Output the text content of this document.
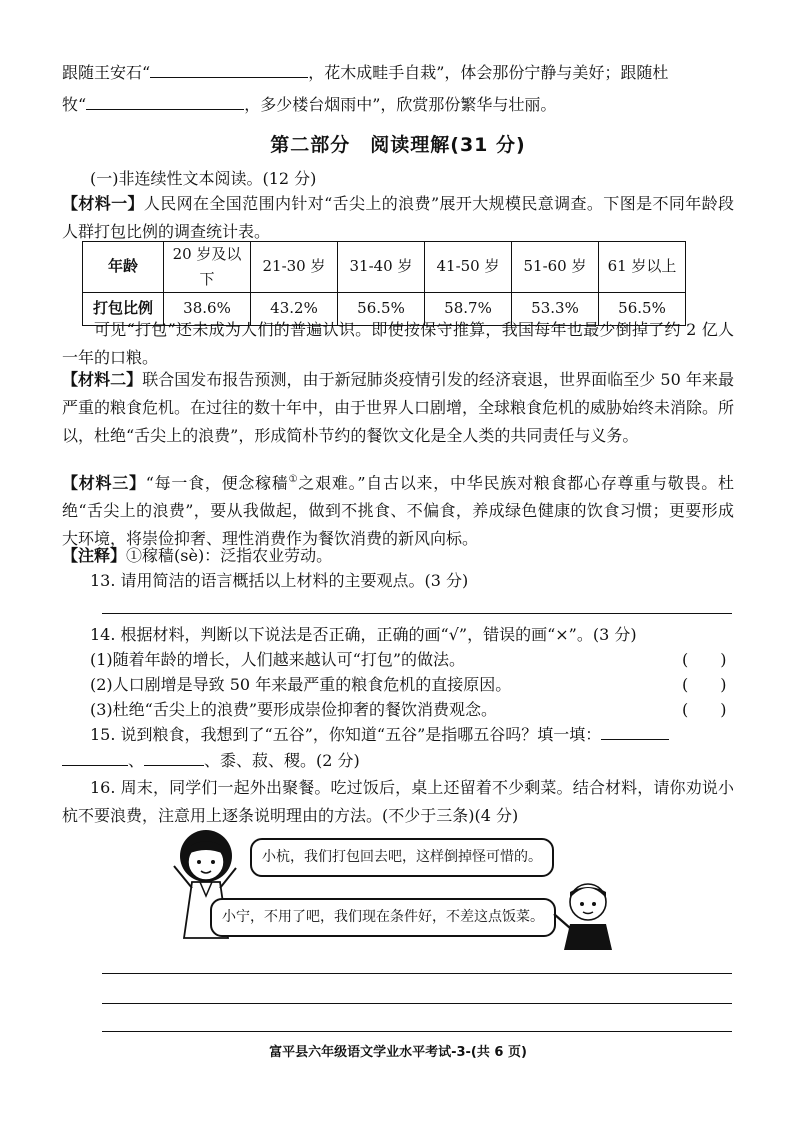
跟随王安石“	，花木成畦手自栽”，体会那份宁静与美好；跟随杜
牧“	，多少楼台烟雨中”，欣赏那份繁华与壮丽。
第二部分　阅读理解(31 分)
(一)非连续性文本阅读。(12 分)
【材料一】人民网在全国范围内针对“舌尖上的浪费”展开大规模民意调查。下图是不同年龄段人群打包比例的调查统计表。
年龄	20 岁及以下	21-30 岁	31-40 岁	41-50 岁	51-60 岁	61 岁以上
打包比例	38.6%	43.2%	56.5%	58.7%	53.3%	56.5%
可见“打包”还未成为人们的普遍认识。即使按保守推算，我国每年也最少倒掉了约 2 亿人一年的口粮。
【材料二】联合国发布报告预测，由于新冠肺炎疫情引发的经济衰退，世界面临至少 50 年来最严重的粮食危机。在过往的数十年中，由于世界人口剧增，全球粮食危机的威胁始终未消除。所以，杜绝“舌尖上的浪费”，形成简朴节约的餐饮文化是全人类的共同责任与义务。
【材料三】“每一食，便念稼穑①之艰难。”自古以来，中华民族对粮食都心存尊重与敬畏。杜绝“舌尖上的浪费”，要从我做起，做到不挑食、不偏食，养成绿色健康的饮食习惯；更要形成大环境，将崇俭抑奢、理性消费作为餐饮消费的新风向标。
【注释】①稼穑(sè)：泛指农业劳动。
13. 请用简洁的语言概括以上材料的主要观点。(3 分)
14. 根据材料，判断以下说法是否正确，正确的画“√”，错误的画“×”。(3 分)
(1)随着年龄的增长，人们越来越认可“打包”的做法。	(　　)
(2)人口剧增是导致 50 年来最严重的粮食危机的直接原因。	(　　)
(3)杜绝“舌尖上的浪费”要形成崇俭抑奢的餐饮消费观念。	(　　)
15. 说到粮食，我想到了“五谷”，你知道“五谷”是指哪五谷吗？填一填：
、	、黍、菽、稷。(2 分)
16. 周末，同学们一起外出聚餐。吃过饭后，桌上还留着不少剩菜。结合材料，请你劝说小杭不要浪费，注意用上逐条说明理由的方法。(不少于三条)(4 分)
小杭，我们打包回去吧，这样倒掉怪可惜的。
小宁，不用了吧，我们现在条件好，不差这点饭菜。
富平县六年级语文学业水平考试-3-(共 6 页)
